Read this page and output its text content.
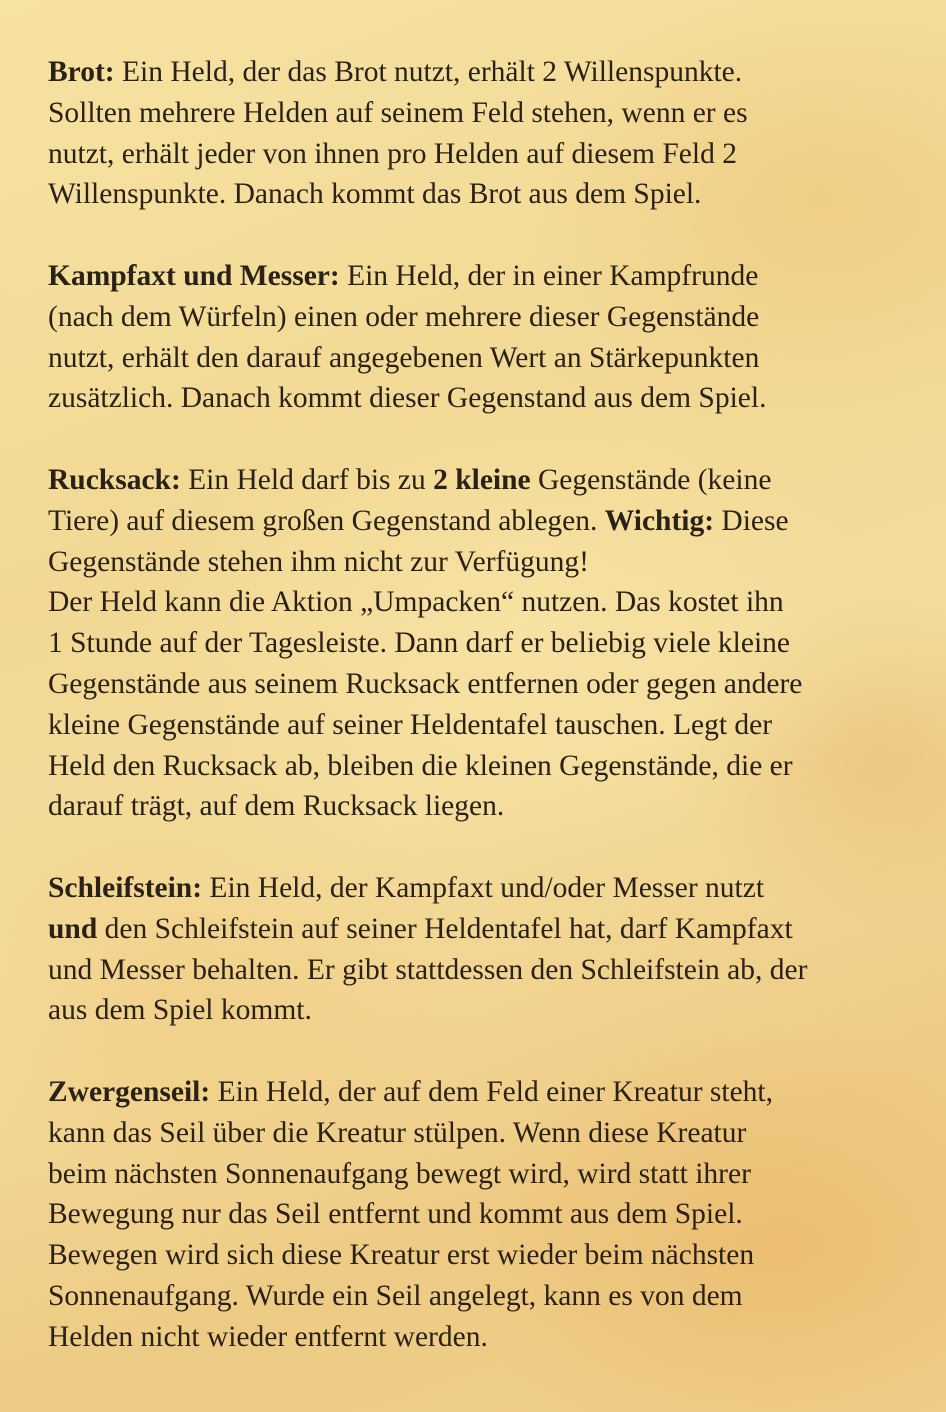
Brot: Ein Held, der das Brot nutzt, erhält 2 Willenspunkte.
Sollten mehrere Helden auf seinem Feld stehen, wenn er es
nutzt, erhält jeder von ihnen pro Helden auf diesem Feld 2
Willenspunkte. Danach kommt das Brot aus dem Spiel.
Kampfaxt und Messer: Ein Held, der in einer Kampfrunde
(nach dem Würfeln) einen oder mehrere dieser Gegenstände
nutzt, erhält den darauf angegebenen Wert an Stärkepunkten
zusätzlich. Danach kommt dieser Gegenstand aus dem Spiel.
Rucksack: Ein Held darf bis zu 2 kleine Gegenstände (keine
Tiere) auf diesem großen Gegenstand ablegen. Wichtig: Diese
Gegenstände stehen ihm nicht zur Verfügung!
Der Held kann die Aktion „Umpacken“ nutzen. Das kostet ihn
1 Stunde auf der Tagesleiste. Dann darf er beliebig viele kleine
Gegenstände aus seinem Rucksack entfernen oder gegen andere
kleine Gegenstände auf seiner Heldentafel tauschen. Legt der
Held den Rucksack ab, bleiben die kleinen Gegenstände, die er
darauf trägt, auf dem Rucksack liegen.
Schleifstein: Ein Held, der Kampfaxt und/oder Messer nutzt
und den Schleifstein auf seiner Heldentafel hat, darf Kampfaxt
und Messer behalten. Er gibt stattdessen den Schleifstein ab, der
aus dem Spiel kommt.
Zwergenseil: Ein Held, der auf dem Feld einer Kreatur steht,
kann das Seil über die Kreatur stülpen. Wenn diese Kreatur
beim nächsten Sonnenaufgang bewegt wird, wird statt ihrer
Bewegung nur das Seil entfernt und kommt aus dem Spiel.
Bewegen wird sich diese Kreatur erst wieder beim nächsten
Sonnenaufgang. Wurde ein Seil angelegt, kann es von dem
Helden nicht wieder entfernt werden.
